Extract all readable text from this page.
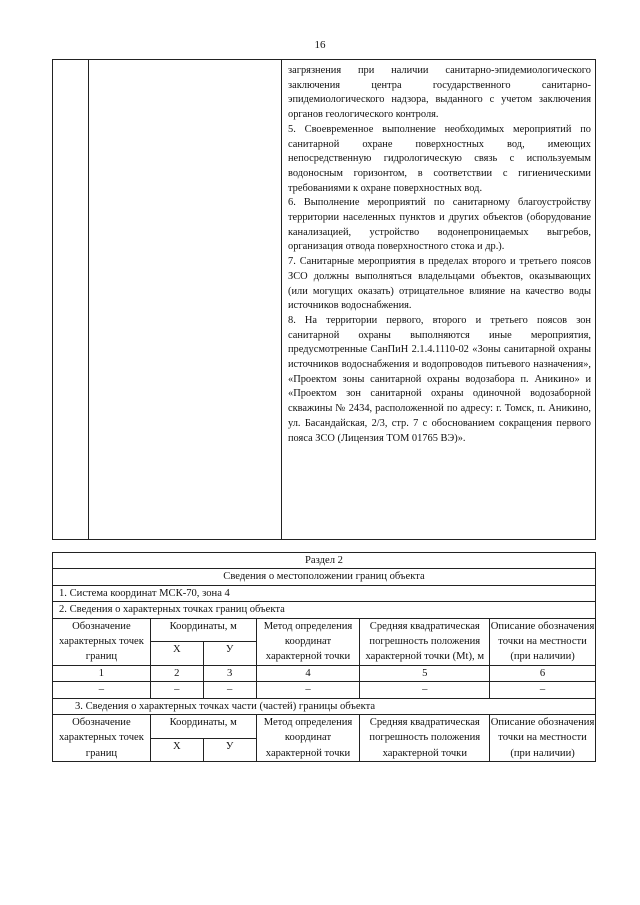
16

загрязнения при наличии санитарно-эпидемиологического заключения центра государственного санитарно-эпидемиологического надзора, выданного с учетом заключения органов геологического контроля.

5. Своевременное выполнение необходимых мероприятий по санитарной охране поверхностных вод, имеющих непосредственную гидрологическую связь с используемым водоносным горизонтом, в соответствии с гигиеническими требованиями к охране поверхностных вод.

6. Выполнение мероприятий по санитарному благоустройству территории населенных пунктов и других объектов (оборудование канализацией, устройство водонепроницаемых выгребов, организация отвода поверхностного стока и др.).

7. Санитарные мероприятия в пределах второго и третьего поясов ЗСО должны выполняться владельцами объектов, оказывающих (или могущих оказать) отрицательное влияние на качество воды источников водоснабжения.

8. На территории первого, второго и третьего поясов зон санитарной охраны выполняются иные мероприятия, предусмотренные СанПиН 2.1.4.1110-02 «Зоны санитарной охраны источников водоснабжения и водопроводов питьевого назначения», «Проектом зоны санитарной охраны водозабора п. Аникино» и «Проектом зон санитарной охраны одиночной водозаборной скважины № 2434, расположенной по адресу: г. Томск, п. Аникино, ул. Басандайская, 2/3, стр. 7 с обоснованием сокращения первого пояса ЗСО (Лицензия ТОМ 01765 ВЭ)».

Раздел 2					
Сведения о местоположении границ объекта					
1. Система координат МСК-70, зона 4					
2. Сведения о характерных точках границ объекта					
Обозначение характерных точек границ	Координаты, м		Метод определения координат характерной точки	Средняя квадратическая погрешность положения характерной точки (Mt), м	Описание обозначения точки на местности (при наличии)
	Х	У			
1	2	3	4	5	6
–	–	–	–	–	–
3. Сведения о характерных точках части (частей) границы объекта					
Обозначение характерных точек границ	Координаты, м		Метод определения координат характерной точки	Средняя квадратическая погрешность положения характерной точки	Описание обозначения точки на местности (при наличии)
	Х	У			
